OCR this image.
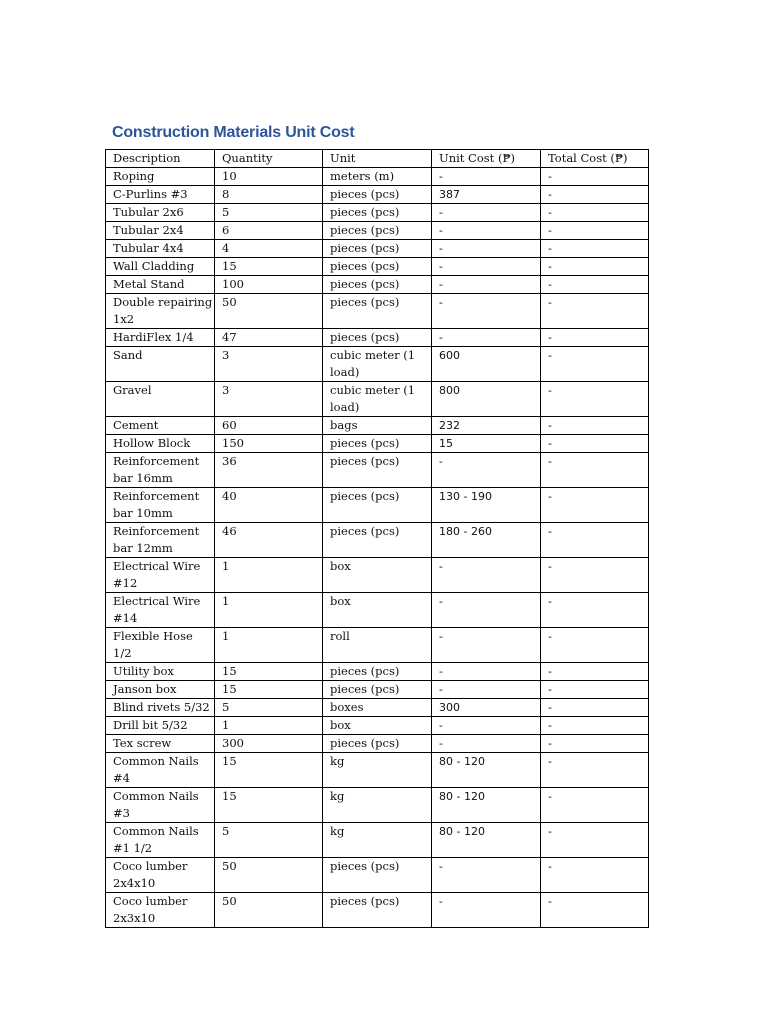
Construction Materials Unit Cost
Description	Quantity	Unit	Unit Cost (₱)	Total Cost (₱)
Roping	10	meters (m)	-	-
C-Purlins #3	8	pieces (pcs)	387	-
Tubular 2x6	5	pieces (pcs)	-	-
Tubular 2x4	6	pieces (pcs)	-	-
Tubular 4x4	4	pieces (pcs)	-	-
Wall Cladding	15	pieces (pcs)	-	-
Metal Stand	100	pieces (pcs)	-	-
Double repairing 1x2	50	pieces (pcs)	-	-
HardiFlex 1/4	47	pieces (pcs)	-	-
Sand	3	cubic meter (1 load)	600	-
Gravel	3	cubic meter (1 load)	800	-
Cement	60	bags	232	-
Hollow Block	150	pieces (pcs)	15	-
Reinforcement bar 16mm	36	pieces (pcs)	-	-
Reinforcement bar 10mm	40	pieces (pcs)	130 - 190	-
Reinforcement bar 12mm	46	pieces (pcs)	180 - 260	-
Electrical Wire #12	1	box	-	-
Electrical Wire #14	1	box	-	-
Flexible Hose 1/2	1	roll	-	-
Utility box	15	pieces (pcs)	-	-
Janson box	15	pieces (pcs)	-	-
Blind rivets 5/32	5	boxes	300	-
Drill bit 5/32	1	box	-	-
Tex screw	300	pieces (pcs)	-	-
Common Nails #4	15	kg	80 - 120	-
Common Nails #3	15	kg	80 - 120	-
Common Nails #1 1/2	5	kg	80 - 120	-
Coco lumber 2x4x10	50	pieces (pcs)	-	-
Coco lumber 2x3x10	50	pieces (pcs)	-	-
